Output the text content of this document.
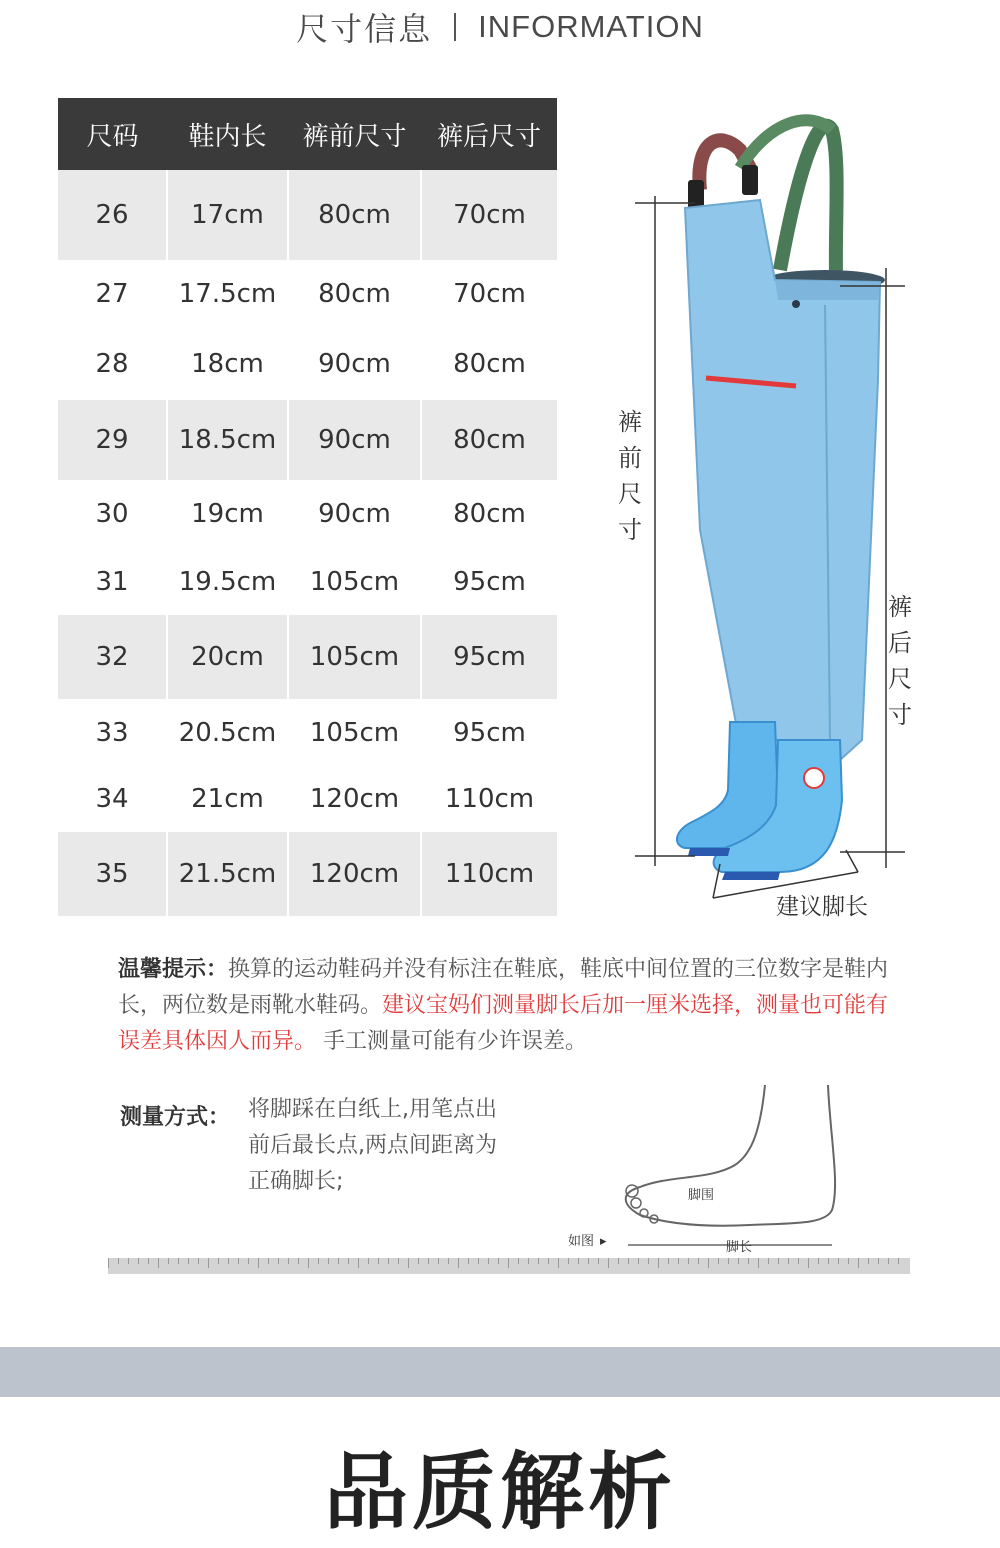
尺寸信息 INFORMATION
尺码	鞋内长	裤前尺寸	裤后尺寸
26	17cm	80cm	70cm
27	17.5cm	80cm	70cm
28	18cm	90cm	80cm
29	18.5cm	90cm	80cm
30	19cm	90cm	80cm
31	19.5cm	105cm	95cm
32	20cm	105cm	95cm
33	20.5cm	105cm	95cm
34	21cm	120cm	110cm
35	21.5cm	120cm	110cm
裤
前
尺
寸
裤
后
尺
寸
建议脚长
温馨提示：换算的运动鞋码并没有标注在鞋底，鞋底中间位置的三位数字是鞋内长，两位数是雨靴水鞋码。建议宝妈们测量脚长后加一厘米选择，测量也可能有误差具体因人而异。 手工测量可能有少许误差。
测量方式： 将脚踩在白纸上,用笔点出
前后最长点,两点间距离为
正确脚长;
脚围
如图 ▸	脚长
品质解析
